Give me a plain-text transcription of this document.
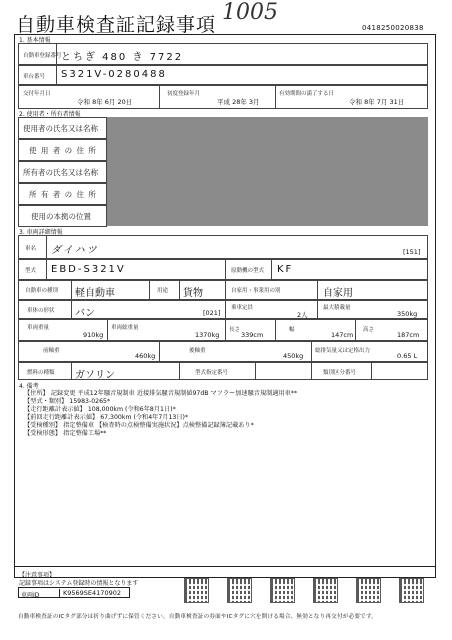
自動車検査証記録事項 1005
0418250020838
1. 基本情報
自動車登録番号 とちぎ 480 き 7722
車台番号 S321V-0280488
交付年月日
令和 8年 6月 20日
初度登録年月
平成 28年 3月
有効期間の満了する日
令和 8年 7月 31日
2. 使用者・所有者情報
使用者の氏名又は名称
使 用 者 の 住 所
所有者の氏名又は名称
所 有 者 の 住 所
使用の本拠の位置
3. 車両詳細情報
車名 ダイハツ	[151]
型式 EBD-S321V	原動機の型式 KF
自動車の種別 軽自動車	用途 貨物	自家用・事業用の別	自家用
車体の形状 バン	[021]
乗車定員
2人
最大積載量
350kg
車両重量
910kg
車両総重量
1370kg
長さ
339cm
幅
147cm
高さ
187cm
前軸重
460kg
後軸重
450kg
総排気量又は定格出力
0.65 L
燃料の種類 ガソリン	型式指定番号	類別区分番号
4. 備考
【住所】 記録変更 平成12年騒音規制車 近接排気騒音規制値97dB マフラー加速騒音規制適用車**
【型式・類別】 15983-0265*
【走行距離計表示値】 108,000km (令和6年8月1日)*
【前回走行距離計表示値】 67,300km (令和4年7月13日)*
【受検種別】 指定整備車 【検査時の点検整備実施状況】点検整備記録簿記載あり*
【受検形態】 指定整備工場**
【注意事項】
記録事項はシステム登録時の情報となります
車両ID	K9569SE4170902
自動車検査証のICタグ部分は折り曲げずに保管ください。自動車検査証の券面やICタグに穴を開ける場合、無効となり再交付が必要です。
